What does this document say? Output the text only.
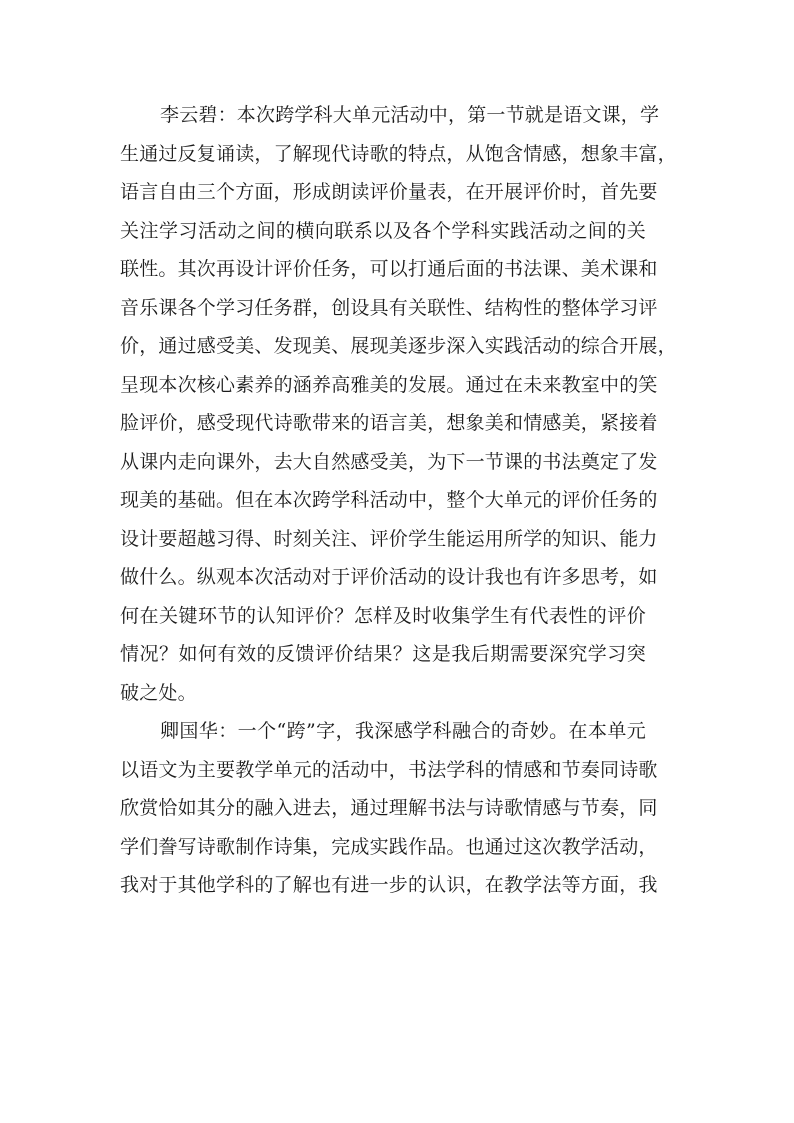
李云碧：本次跨学科大单元活动中，第一节就是语文课，学
生通过反复诵读，了解现代诗歌的特点，从饱含情感，想象丰富，
语言自由三个方面，形成朗读评价量表，在开展评价时，首先要
关注学习活动之间的横向联系以及各个学科实践活动之间的关
联性。其次再设计评价任务，可以打通后面的书法课、美术课和
音乐课各个学习任务群，创设具有关联性、结构性的整体学习评
价，通过感受美、发现美、展现美逐步深入实践活动的综合开展，
呈现本次核心素养的涵养高雅美的发展。通过在未来教室中的笑
脸评价，感受现代诗歌带来的语言美，想象美和情感美，紧接着
从课内走向课外，去大自然感受美，为下一节课的书法奠定了发
现美的基础。但在本次跨学科活动中，整个大单元的评价任务的
设计要超越习得、时刻关注、评价学生能运用所学的知识、能力
做什么。纵观本次活动对于评价活动的设计我也有许多思考，如
何在关键环节的认知评价？怎样及时收集学生有代表性的评价
情况？如何有效的反馈评价结果？这是我后期需要深究学习突
破之处。
卿国华：一个“跨”字，我深感学科融合的奇妙。在本单元
以语文为主要教学单元的活动中，书法学科的情感和节奏同诗歌
欣赏恰如其分的融入进去，通过理解书法与诗歌情感与节奏，同
学们誊写诗歌制作诗集，完成实践作品。也通过这次教学活动，
我对于其他学科的了解也有进一步的认识，在教学法等方面，我
